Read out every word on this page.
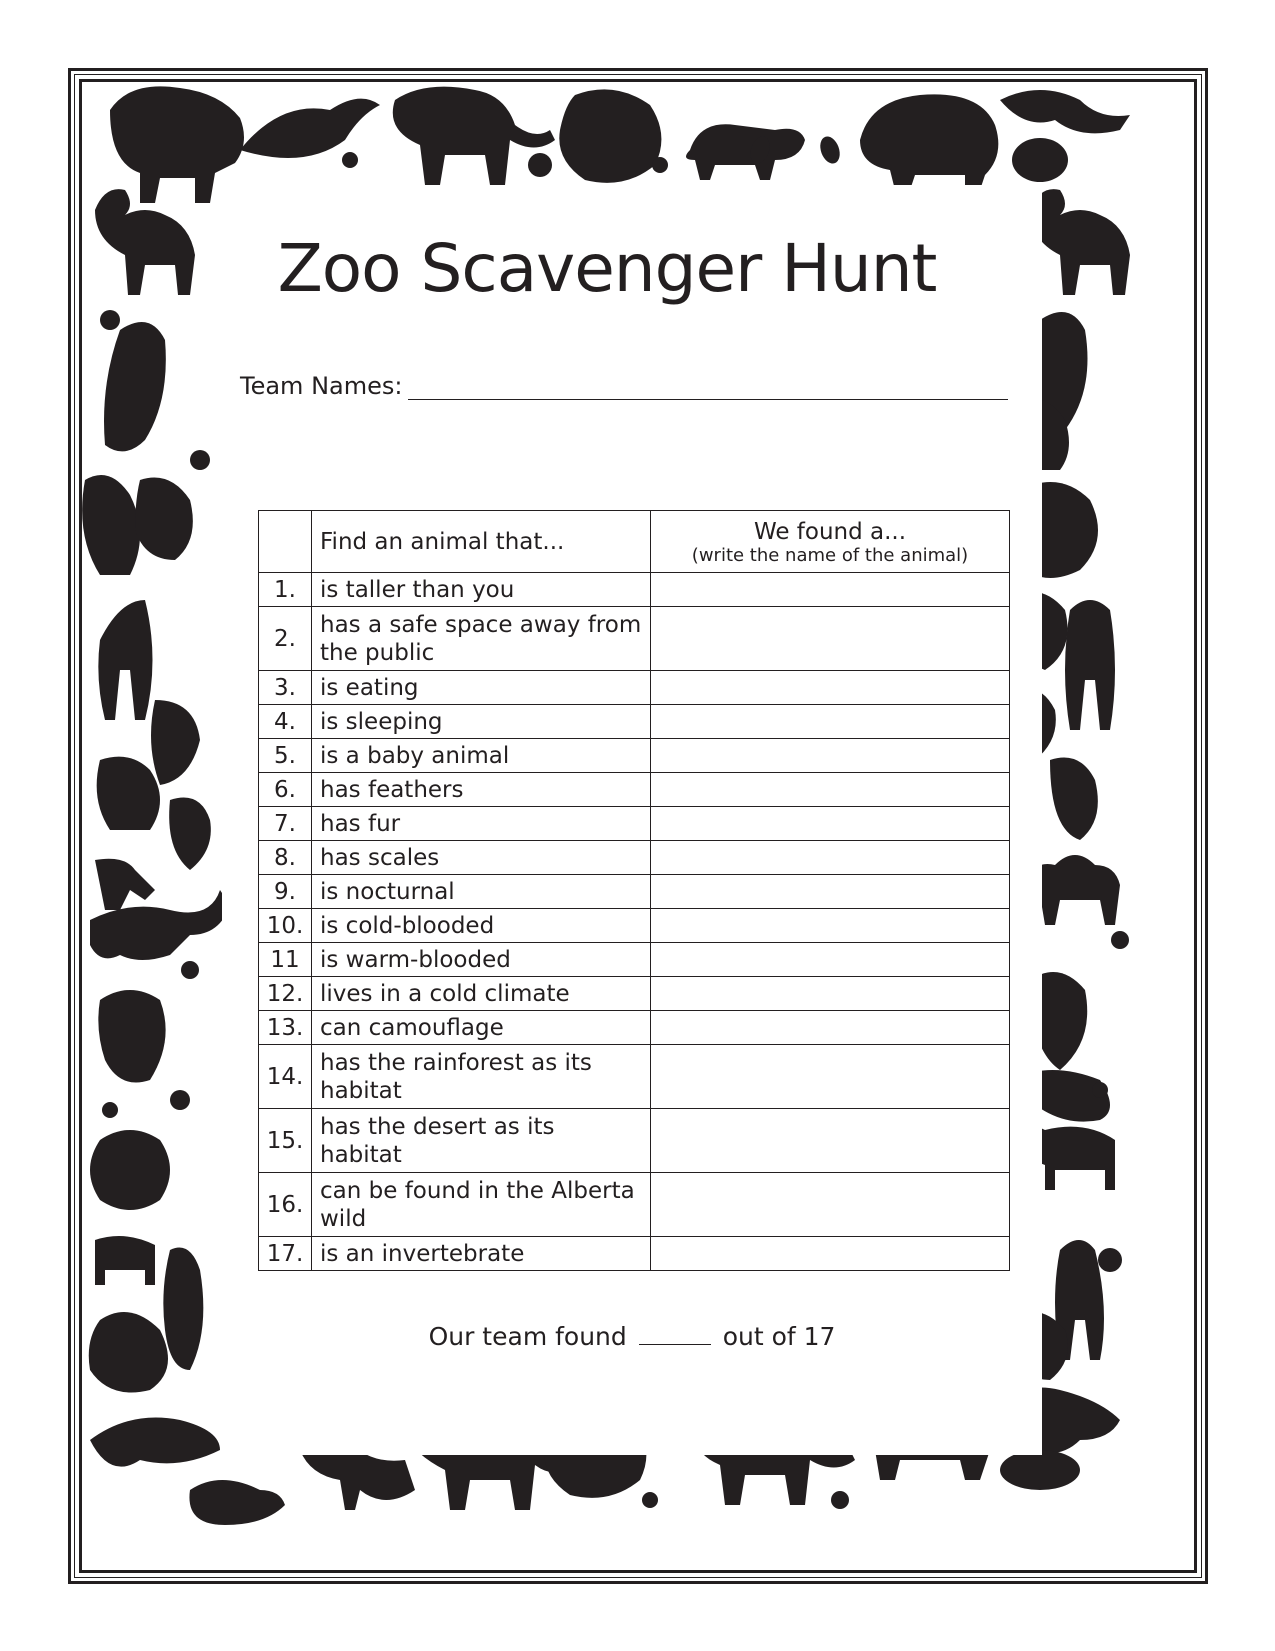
Zoo Scavenger Hunt
Team Names:
	Find an animal that...	We found a...
(write the name of the animal)

1.	is taller than you	
2.	has a safe space away from the public	
3.	is eating	
4.	is sleeping	
5.	is a baby animal	
6.	has feathers	
7.	has fur	
8.	has scales	
9.	is nocturnal	
10.	is cold-blooded	
11	is warm-blooded	
12.	lives in a cold climate	
13.	can camouflage	
14.	has the rainforest as its habitat	
15.	has the desert as its habitat	
16.	can be found in the Alberta wild	
17.	is an invertebrate	
Our team found	out of 17
